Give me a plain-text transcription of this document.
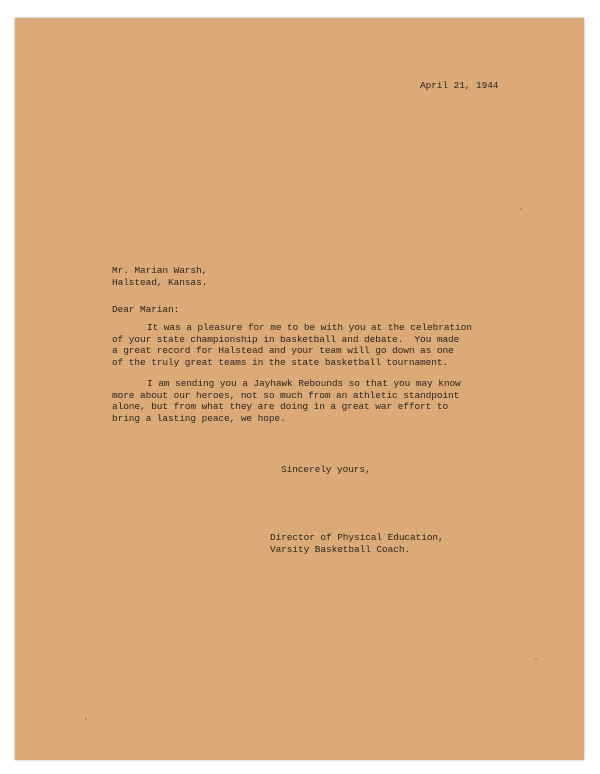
April 21, 1944
Mr. Marian Warsh,
Halstead, Kansas.
Dear Marian:
It was a pleasure for me to be with you at the celebration
of your state championship in basketball and debate.  You made
a great record for Halstead and your team will go down as one
of the truly great teams in the state basketball tournament.
I am sending you a Jayhawk Rebounds so that you may know
more about our heroes, not so much from an athletic standpoint
alone, but from what they are doing in a great war effort to
bring a lasting peace, we hope.
Sincerely yours,
Director of Physical Education,
Varsity Basketball Coach.
